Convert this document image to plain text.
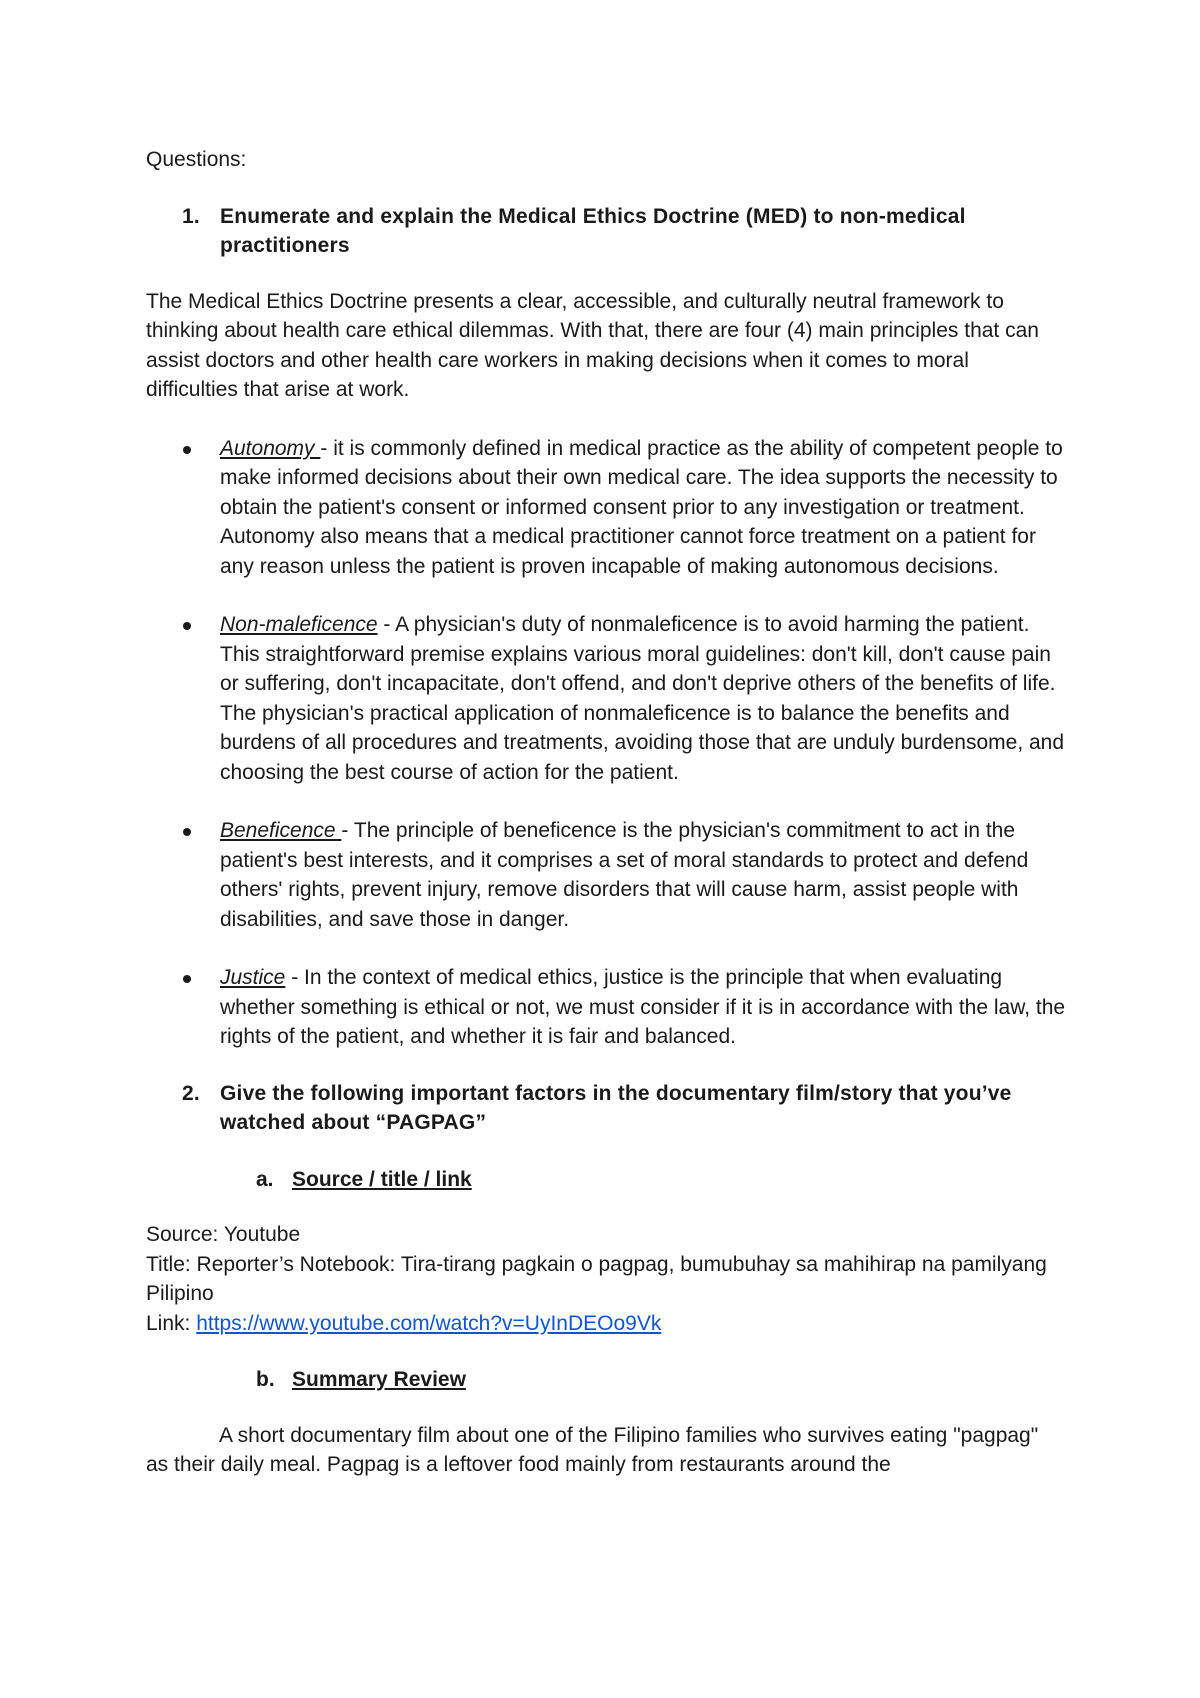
Questions:

1. Enumerate and explain the Medical Ethics Doctrine (MED) to non-medical practitioners

The Medical Ethics Doctrine presents a clear, accessible, and culturally neutral framework to thinking about health care ethical dilemmas. With that, there are four (4) main principles that can assist doctors and other health care workers in making decisions when it comes to moral difficulties that arise at work.

Autonomy - it is commonly defined in medical practice as the ability of competent people to make informed decisions about their own medical care. The idea supports the necessity to obtain the patient's consent or informed consent prior to any investigation or treatment. Autonomy also means that a medical practitioner cannot force treatment on a patient for any reason unless the patient is proven incapable of making autonomous decisions.
Non-maleficence - A physician's duty of nonmaleficence is to avoid harming the patient. This straightforward premise explains various moral guidelines: don't kill, don't cause pain or suffering, don't incapacitate, don't offend, and don't deprive others of the benefits of life. The physician's practical application of nonmaleficence is to balance the benefits and burdens of all procedures and treatments, avoiding those that are unduly burdensome, and choosing the best course of action for the patient.
Beneficence - The principle of beneficence is the physician's commitment to act in the patient's best interests, and it comprises a set of moral standards to protect and defend others' rights, prevent injury, remove disorders that will cause harm, assist people with disabilities, and save those in danger.
Justice - In the context of medical ethics, justice is the principle that when evaluating whether something is ethical or not, we must consider if it is in accordance with the law, the rights of the patient, and whether it is fair and balanced.
2. Give the following important factors in the documentary film/story that you’ve watched about “PAGPAG”
a. Source / title / link

Source: Youtube

Title: Reporter’s Notebook: Tira-tirang pagkain o pagpag, bumubuhay sa mahihirap na pamilyang Pilipino

Link: https://www.youtube.com/watch?v=UyInDEOo9Vk

b. Summary Review

A short documentary film about one of the Filipino families who survives eating "pagpag" as their daily meal. Pagpag is a leftover food mainly from restaurants around the
